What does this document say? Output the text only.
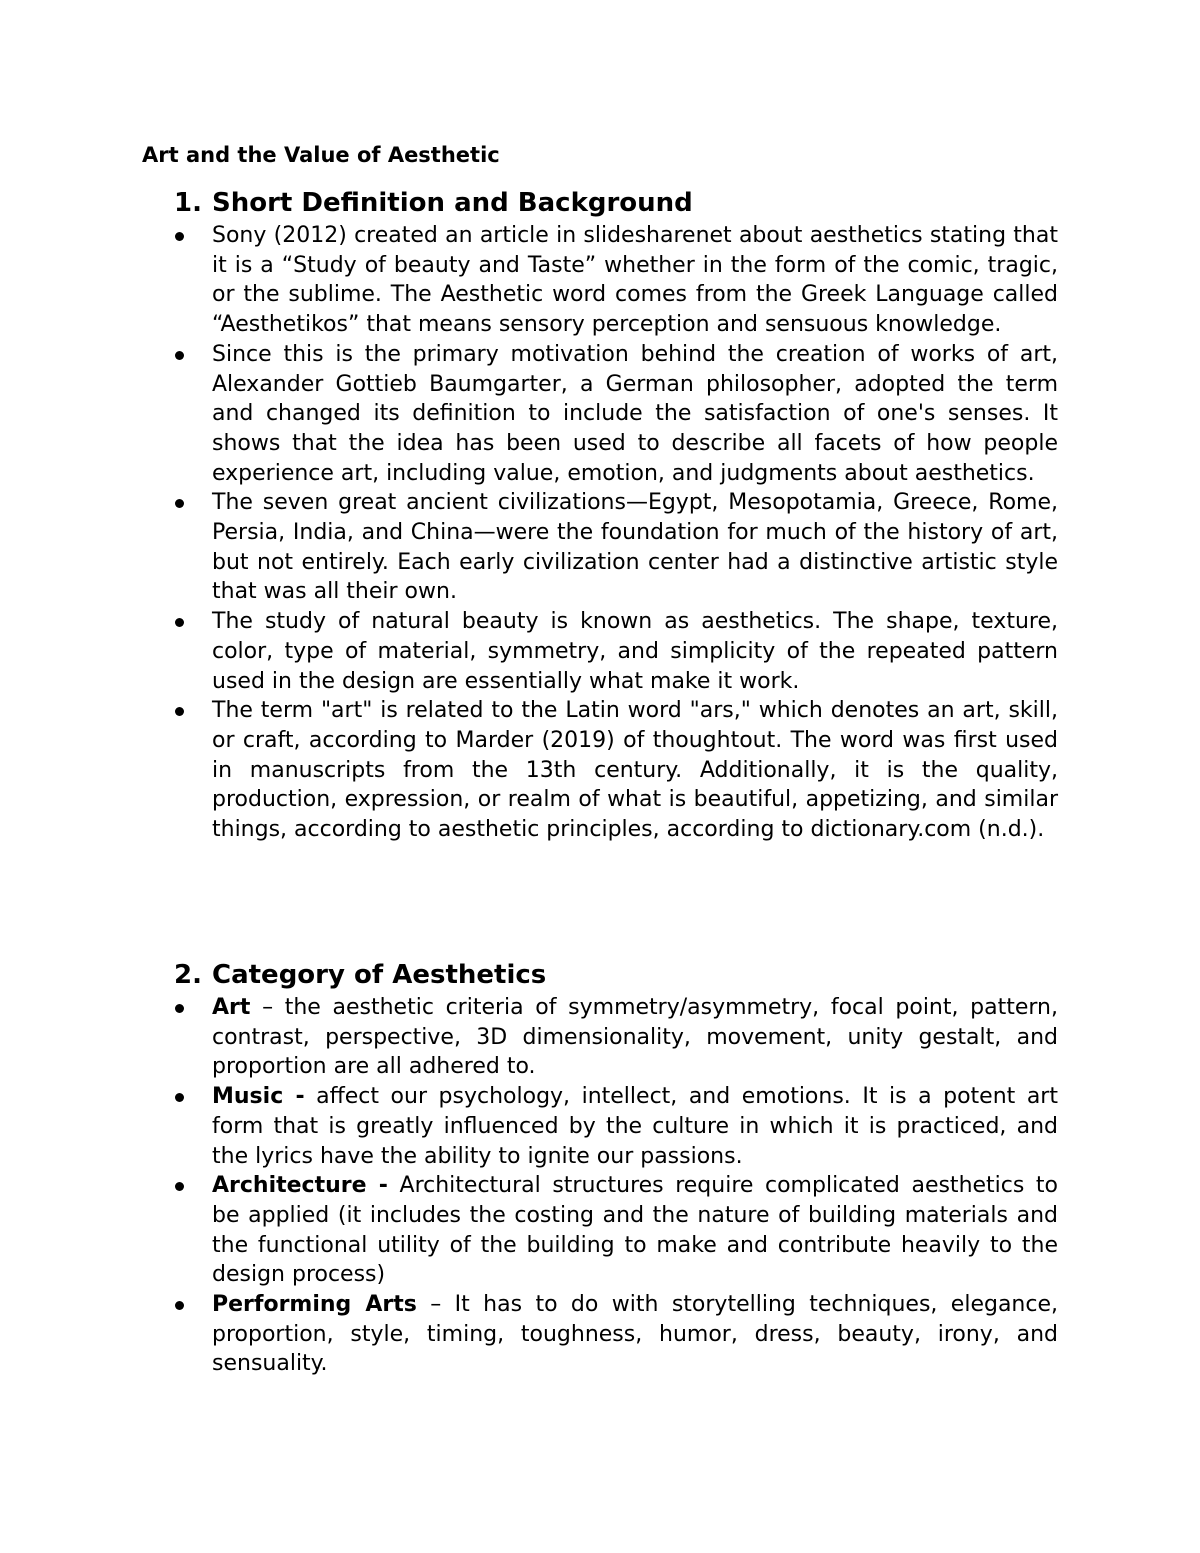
Art and the Value of Aesthetic
1. Short Definition and Background
Sony (2012) created an article in slidesharenet about aesthetics stating that it is a “Study of beauty and Taste” whether in the form of the comic, tragic, or the sublime. The Aesthetic word comes from the Greek Language called “Aesthetikos” that means sensory perception and sensuous knowledge.
Since this is the primary motivation behind the creation of works of art, Alexander Gottieb Baumgarter, a German philosopher, adopted the term and changed its definition to include the satisfaction of one's senses. It shows that the idea has been used to describe all facets of how people experience art, including value, emotion, and judgments about aesthetics.
The seven great ancient civilizations—Egypt, Mesopotamia, Greece, Rome, Persia, India, and China—were the foundation for much of the history of art, but not entirely. Each early civilization center had a distinctive artistic style that was all their own.
The study of natural beauty is known as aesthetics. The shape, texture, color, type of material, symmetry, and simplicity of the repeated pattern used in the design are essentially what make it work.
The term "art" is related to the Latin word "ars," which denotes an art, skill, or craft, according to Marder (2019) of thoughtout. The word was first used in manuscripts from the 13th century. Additionally, it is the quality, production, expression, or realm of what is beautiful, appetizing, and similar things, according to aesthetic principles, according to dictionary.com (n.d.).
2. Category of Aesthetics
Art – the aesthetic criteria of symmetry/asymmetry, focal point, pattern, contrast, perspective, 3D dimensionality, movement, unity gestalt, and proportion are all adhered to.
Music - affect our psychology, intellect, and emotions. It is a potent art form that is greatly influenced by the culture in which it is practiced, and the lyrics have the ability to ignite our passions.
Architecture - Architectural structures require complicated aesthetics to be applied (it includes the costing and the nature of building materials and the functional utility of the building to make and contribute heavily to the design process)
Performing Arts – It has to do with storytelling techniques, elegance, proportion, style, timing, toughness, humor, dress, beauty, irony, and sensuality.
